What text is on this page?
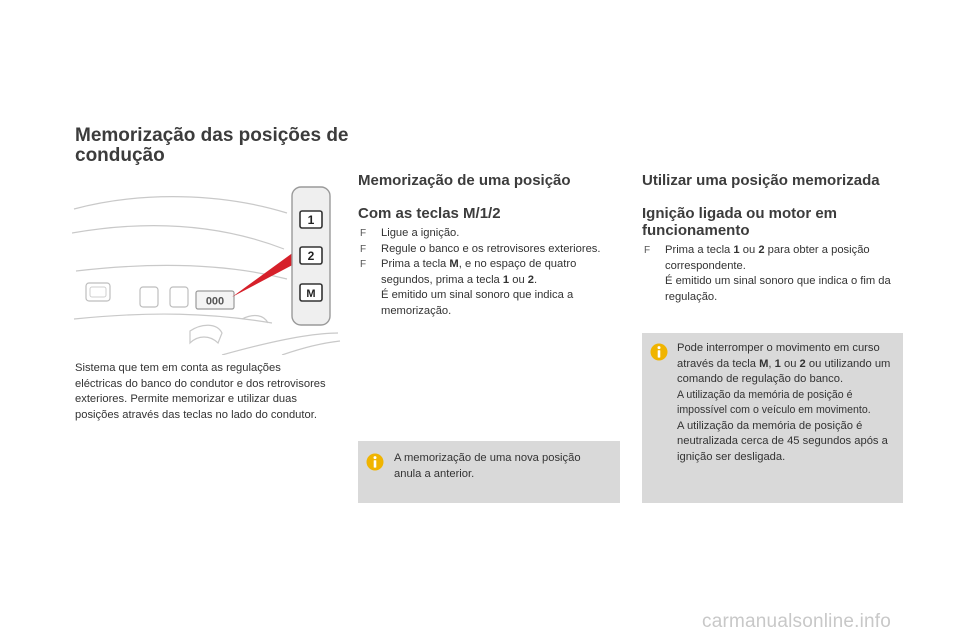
Memorização das posições de condução
000
1
2
M

Sistema que tem em conta as regulações eléctricas do banco do condutor e dos retrovisores exteriores. Permite memorizar e utilizar duas posições através das teclas no lado do condutor.

Memorização de uma posição
Com as teclas M/1/2
F Ligue a ignição.
F Regule o banco e os retrovisores exteriores.
F Prima a tecla M, e no espaço de quatro segundos, prima a tecla 1 ou 2.
É emitido um sinal sonoro que indica a memorização.

A memorização de uma nova posição anula a anterior.

Utilizar uma posição memorizada
Ignição ligada ou motor em funcionamento
F Prima a tecla 1 ou 2 para obter a posição correspondente.
É emitido um sinal sonoro que indica o fim da regulação.

Pode interromper o movimento em curso através da tecla M, 1 ou 2 ou utilizando um comando de regulação do banco.
A utilização da memória de posição é impossível com o veículo em movimento.
A utilização da memória de posição é neutralizada cerca de 45 segundos após a ignição ser desligada.

carmanualsonline.info
